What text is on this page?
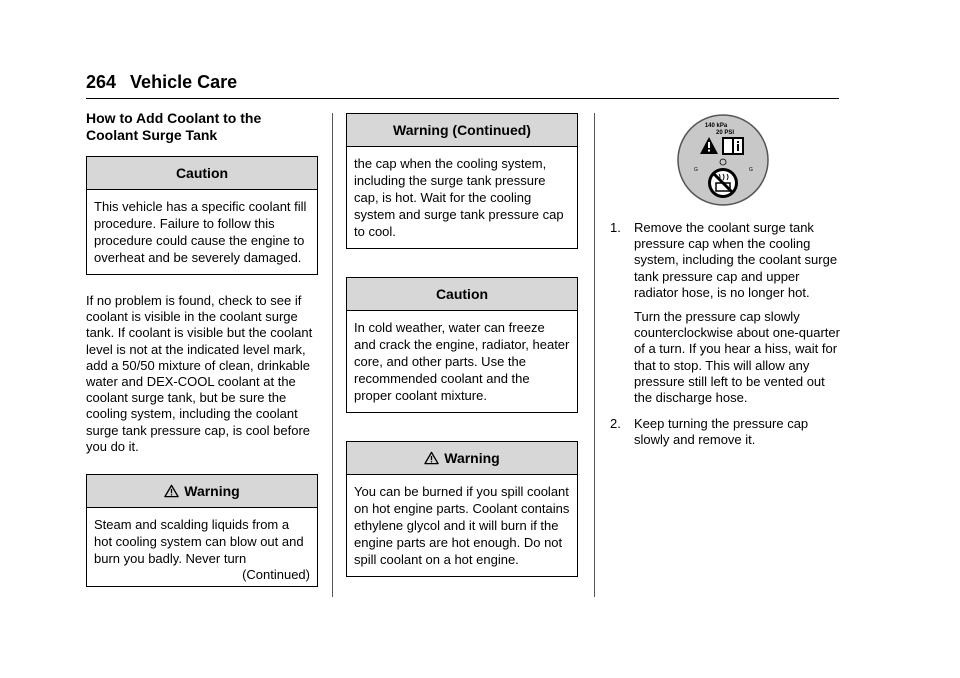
264 Vehicle Care
How to Add Coolant to the
Coolant Surge Tank
Caution
This vehicle has a specific coolant fill procedure. Failure to follow this procedure could cause the engine to overheat and be severely damaged.

If no problem is found, check to see if coolant is visible in the coolant surge tank. If coolant is visible but the coolant level is not at the indicated level mark, add a 50/50 mixture of clean, drinkable water and DEX-COOL coolant at the coolant surge tank, but be sure the cooling system, including the coolant surge tank pressure cap, is cool before you do it.

Warning
Steam and scalding liquids from a hot cooling system can blow out and burn you badly. Never turn
(Continued)
Warning (Continued)
the cap when the cooling system, including the surge tank pressure cap, is hot. Wait for the cooling system and surge tank pressure cap to cool.
Caution
In cold weather, water can freeze and crack the engine, radiator, heater core, and other parts. Use the recommended coolant and the proper coolant mixture.
Warning
You can be burned if you spill coolant on hot engine parts. Coolant contains ethylene glycol and it will burn if the engine parts are hot enough. Do not spill coolant on a hot engine.
140 kPa
20 PSI
G	G
1. Remove the coolant surge tank pressure cap when the cooling system, including the coolant surge tank pressure cap and upper radiator hose, is no longer hot.

Turn the pressure cap slowly counterclockwise about one-quarter of a turn. If you hear a hiss, wait for that to stop. This will allow any pressure still left to be vented out the discharge hose.

2. Keep turning the pressure cap slowly and remove it.
